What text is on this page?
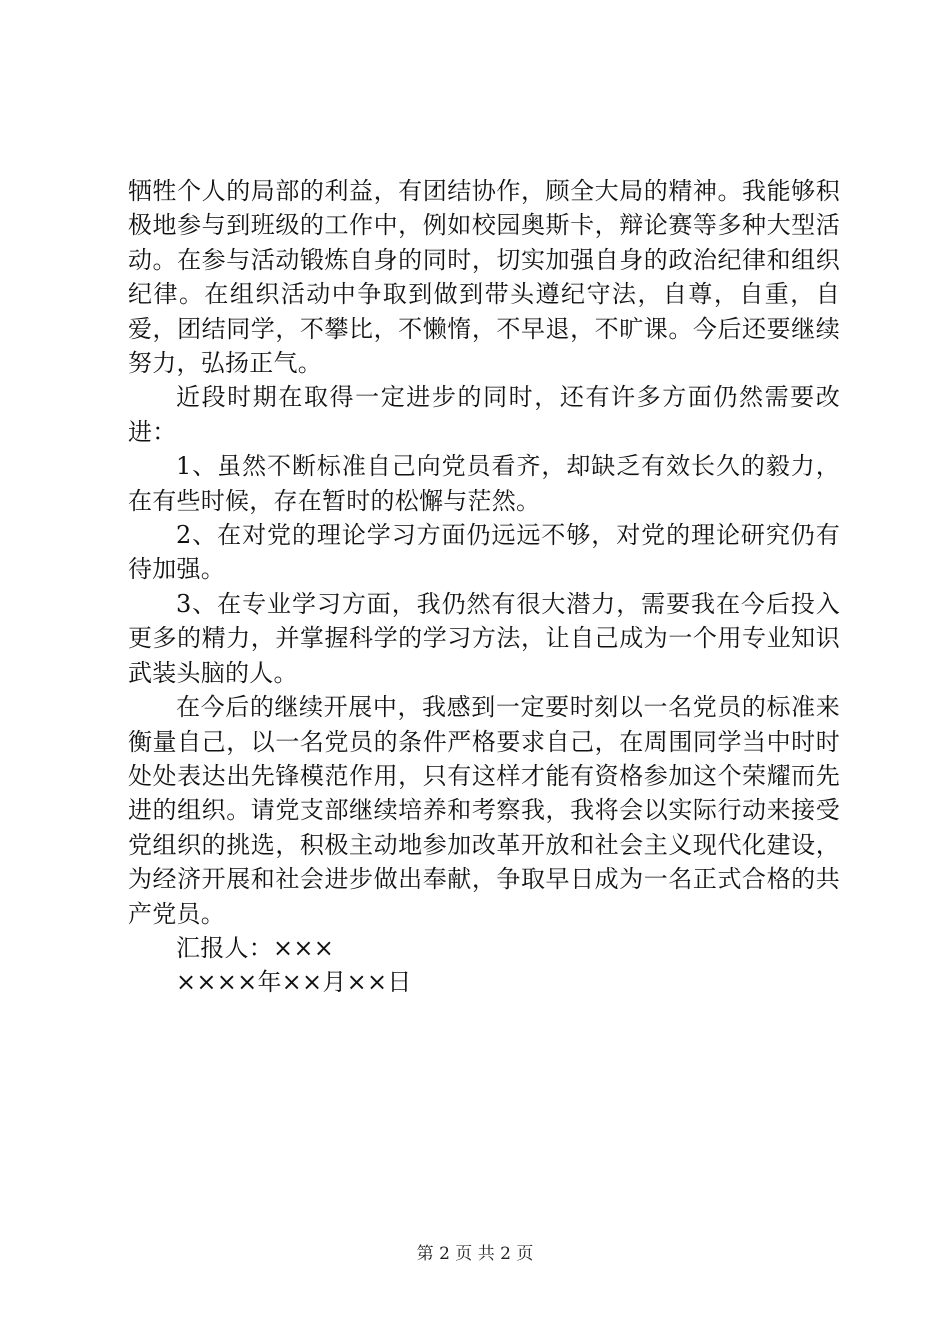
牺牲个人的局部的利益，有团结协作，顾全大局的精神。我能够积极地参与到班级的工作中，例如校园奥斯卡，辩论赛等多种大型活动。在参与活动锻炼自身的同时，切实加强自身的政治纪律和组织纪律。在组织活动中争取到做到带头遵纪守法，自尊，自重，自爱，团结同学，不攀比，不懒惰，不早退，不旷课。今后还要继续努力，弘扬正气。

近段时期在取得一定进步的同时，还有许多方面仍然需要改进：

1、虽然不断标准自己向党员看齐，却缺乏有效长久的毅力，在有些时候，存在暂时的松懈与茫然。

2、在对党的理论学习方面仍远远不够，对党的理论研究仍有待加强。

3、在专业学习方面，我仍然有很大潜力，需要我在今后投入更多的精力，并掌握科学的学习方法，让自己成为一个用专业知识武装头脑的人。

在今后的继续开展中，我感到一定要时刻以一名党员的标准来衡量自己，以一名党员的条件严格要求自己，在周围同学当中时时处处表达出先锋模范作用，只有这样才能有资格参加这个荣耀而先进的组织。请党支部继续培养和考察我，我将会以实际行动来接受党组织的挑选，积极主动地参加改革开放和社会主义现代化建设，为经济开展和社会进步做出奉献，争取早日成为一名正式合格的共产党员。

汇报人：×××

××××年××月××日

第 2 页 共 2 页
